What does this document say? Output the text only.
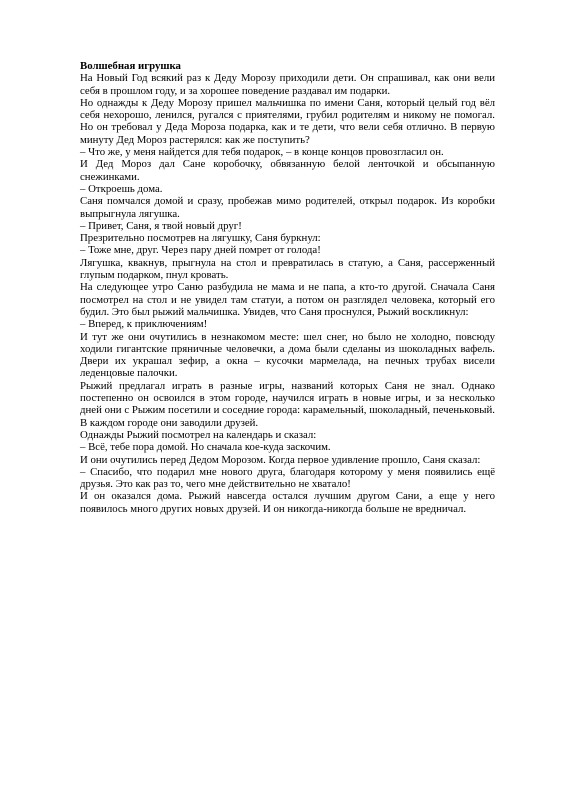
Волшебная игрушка

На Новый Год всякий раз к Деду Морозу приходили дети. Он спрашивал, как они вели себя в прошлом году, и за хорошее поведение раздавал им подарки.

Но однажды к Деду Морозу пришел мальчишка по имени Саня, который целый год вёл себя нехорошо, ленился, ругался с приятелями, грубил родителям и никому не помогал. Но он требовал у Деда Мороза подарка, как и те дети, что вели себя отлично. В первую минуту Дед Мороз растерялся: как же поступить?

– Что же, у меня найдется для тебя подарок, – в конце концов провозгласил он.

И Дед Мороз дал Сане коробочку, обвязанную белой ленточкой и обсыпанную снежинками.

– Откроешь дома.

Саня помчался домой и сразу, пробежав мимо родителей, открыл подарок. Из коробки выпрыгнула лягушка.

– Привет, Саня, я твой новый друг!

Презрительно посмотрев на лягушку, Саня буркнул:

– Тоже мне, друг. Через пару дней помрет от голода!

Лягушка, квакнув, прыгнула на стол и превратилась в статую, а Саня, рассерженный глупым подарком, пнул кровать.

На следующее утро Саню разбудила не мама и не папа, а кто-то другой. Сначала Саня посмотрел на стол и не увидел там статуи, а потом он разглядел человека, который его будил. Это был рыжий мальчишка. Увидев, что Саня проснулся, Рыжий воскликнул:

– Вперед, к приключениям!

И тут же они очутились в незнакомом месте: шел снег, но было не холодно, повсюду ходили гигантские пряничные человечки, а дома были сделаны из шоколадных вафель. Двери их украшал зефир, а окна – кусочки мармелада, на печных трубах висели леденцовые палочки.

Рыжий предлагал играть в разные игры, названий которых Саня не знал. Однако постепенно он освоился в этом городе, научился играть в новые игры, и за несколько дней они с Рыжим посетили и соседние города: карамельный, шоколадный, печеньковый. В каждом городе они заводили друзей.

Однажды Рыжий посмотрел на календарь и сказал:

– Всё, тебе пора домой. Но сначала кое-куда заскочим.

И они очутились перед Дедом Морозом. Когда первое удивление прошло, Саня сказал:

– Спасибо, что подарил мне нового друга, благодаря которому у меня появились ещё друзья. Это как раз то, чего мне действительно не хватало!

И он оказался дома. Рыжий навсегда остался лучшим другом Сани, а еще у него появилось много других новых друзей. И он никогда-никогда больше не вредничал.
